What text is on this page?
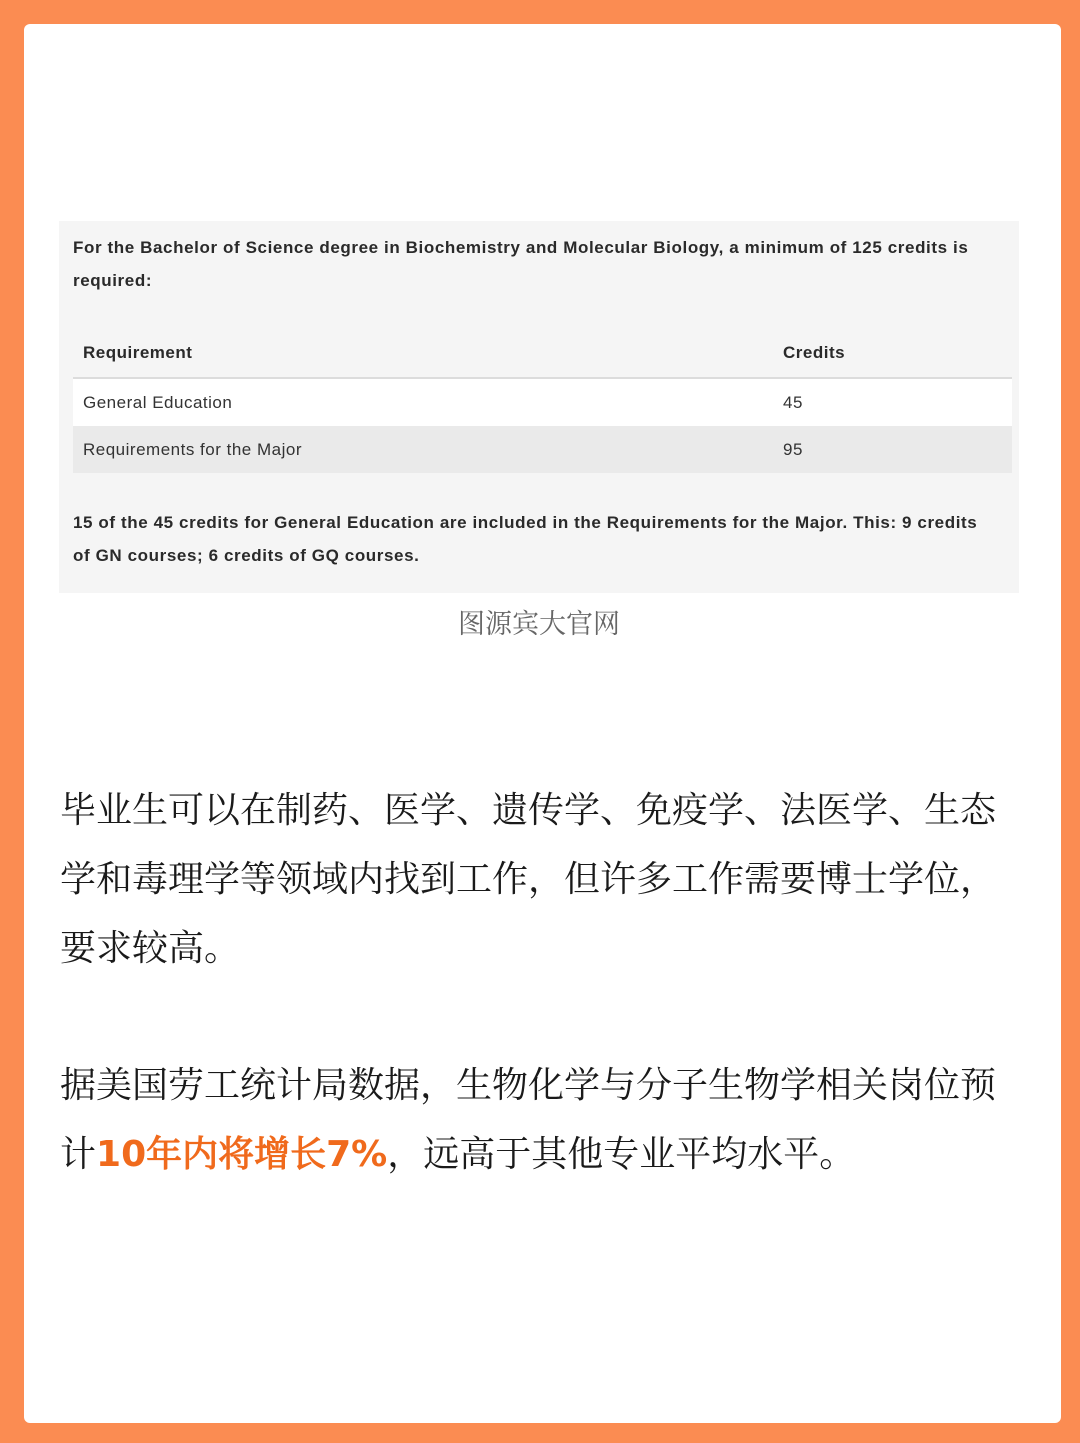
For the Bachelor of Science degree in Biochemistry and Molecular Biology, a minimum of 125 credits is required:
Requirement	Credits
General Education	45
Requirements for the Major	95
15 of the 45 credits for General Education are included in the Requirements for the Major. This: 9 credits of GN courses; 6 credits of GQ courses.
图源宾大官网

毕业生可以在制药、医学、遗传学、免疫学、法医学、生态学和毒理学等领域内找到工作，但许多工作需要博士学位，要求较高。

据美国劳工统计局数据，生物化学与分子生物学相关岗位预计10年内将增长7%，远高于其他专业平均水平。
